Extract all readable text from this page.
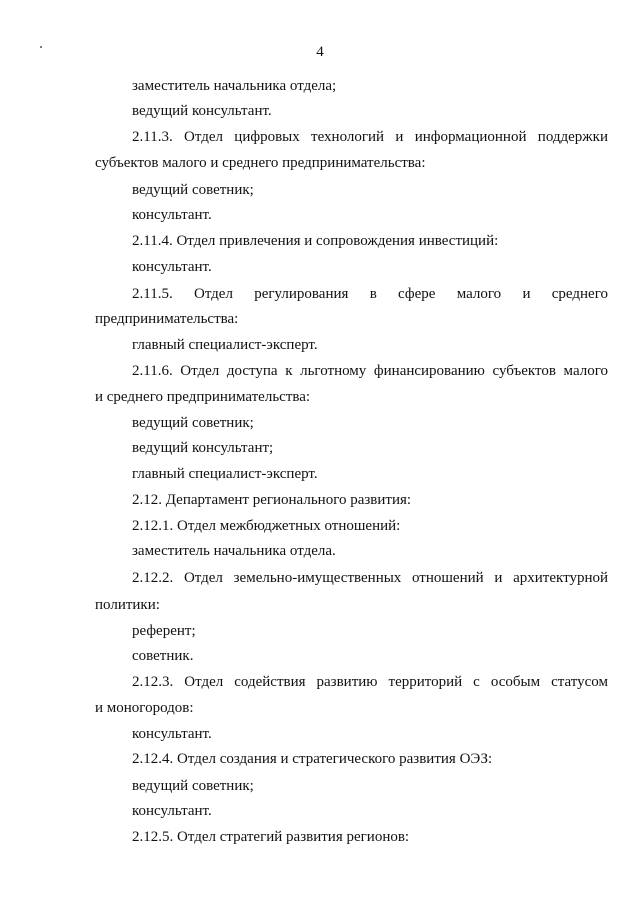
4
заместитель начальника отдела;
ведущий консультант.
2.11.3. Отдел цифровых технологий и информационной поддержки
субъектов малого и среднего предпринимательства:
ведущий советник;
консультант.
2.11.4. Отдел привлечения и сопровождения инвестиций:
консультант.
2.11.5. Отдел регулирования в сфере малого и среднего
предпринимательства:
главный специалист-эксперт.
2.11.6. Отдел доступа к льготному финансированию субъектов малого
и среднего предпринимательства:
ведущий советник;
ведущий консультант;
главный специалист-эксперт.
2.12. Департамент регионального развития:
2.12.1. Отдел межбюджетных отношений:
заместитель начальника отдела.
2.12.2. Отдел земельно-имущественных отношений и архитектурной
политики:
референт;
советник.
2.12.3. Отдел содействия развитию территорий с особым статусом
и моногородов:
консультант.
2.12.4. Отдел создания и стратегического развития ОЭЗ:
ведущий советник;
консультант.
2.12.5. Отдел стратегий развития регионов:
